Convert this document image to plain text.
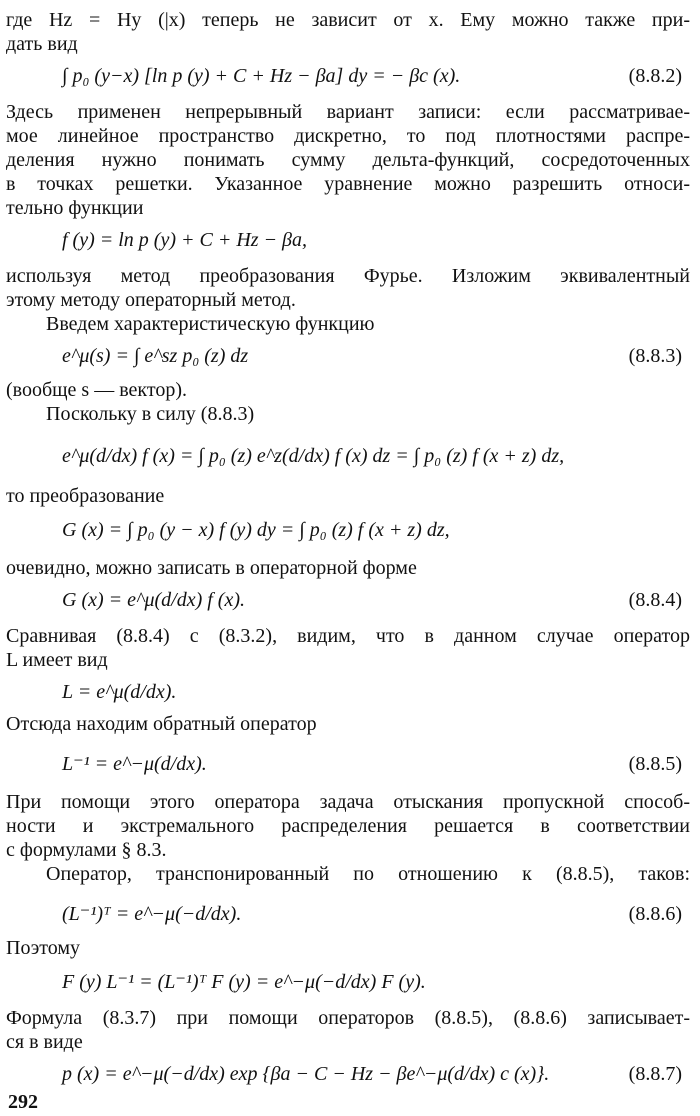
где Hz = Hy (|x) теперь не зависит от x. Ему можно также при-
дать вид
∫ p₀ (y−x) [ln p (y) + C + Hz − βa] dy = − βc (x).	(8.8.2)
Здесь применен непрерывный вариант записи: если рассматривае-
мое линейное пространство дискретно, то под плотностями распре-
деления нужно понимать сумму дельта-функций, сосредоточенных
в точках решетки. Указанное уравнение можно разрешить относи-
тельно функции
f (y) = ln p (y) + C + Hz − βa,
используя метод преобразования Фурье. Изложим эквивалентный
этому методу операторный метод.
Введем характеристическую функцию
e^μ(s) = ∫ e^sz p₀ (z) dz	(8.8.3)
(вообще s — вектор).
Поскольку в силу (8.8.3)
e^μ(d/dx) f (x) = ∫ p₀ (z) e^z(d/dx) f (x) dz = ∫ p₀ (z) f (x + z) dz,
то преобразование
G (x) = ∫ p₀ (y − x) f (y) dy = ∫ p₀ (z) f (x + z) dz,
очевидно, можно записать в операторной форме
G (x) = e^μ(d/dx) f (x).	(8.8.4)
Сравнивая (8.8.4) с (8.3.2), видим, что в данном случае оператор
L имеет вид
L = e^μ(d/dx).
Отсюда находим обратный оператор
L⁻¹ = e^−μ(d/dx).	(8.8.5)
При помощи этого оператора задача отыскания пропускной способ-
ности и экстремального распределения решается в соответствии
с формулами § 8.3.
Оператор, транспонированный по отношению к (8.8.5), таков:
(L⁻¹)ᵀ = e^−μ(−d/dx).	(8.8.6)
Поэтому
F (y) L⁻¹ = (L⁻¹)ᵀ F (y) = e^−μ(−d/dx) F (y).
Формула (8.3.7) при помощи операторов (8.8.5), (8.8.6) записывает-
ся в виде
p (x) = e^−μ(−d/dx) exp {βa − C − Hz − βe^−μ(d/dx) c (x)}.	(8.8.7)
292
